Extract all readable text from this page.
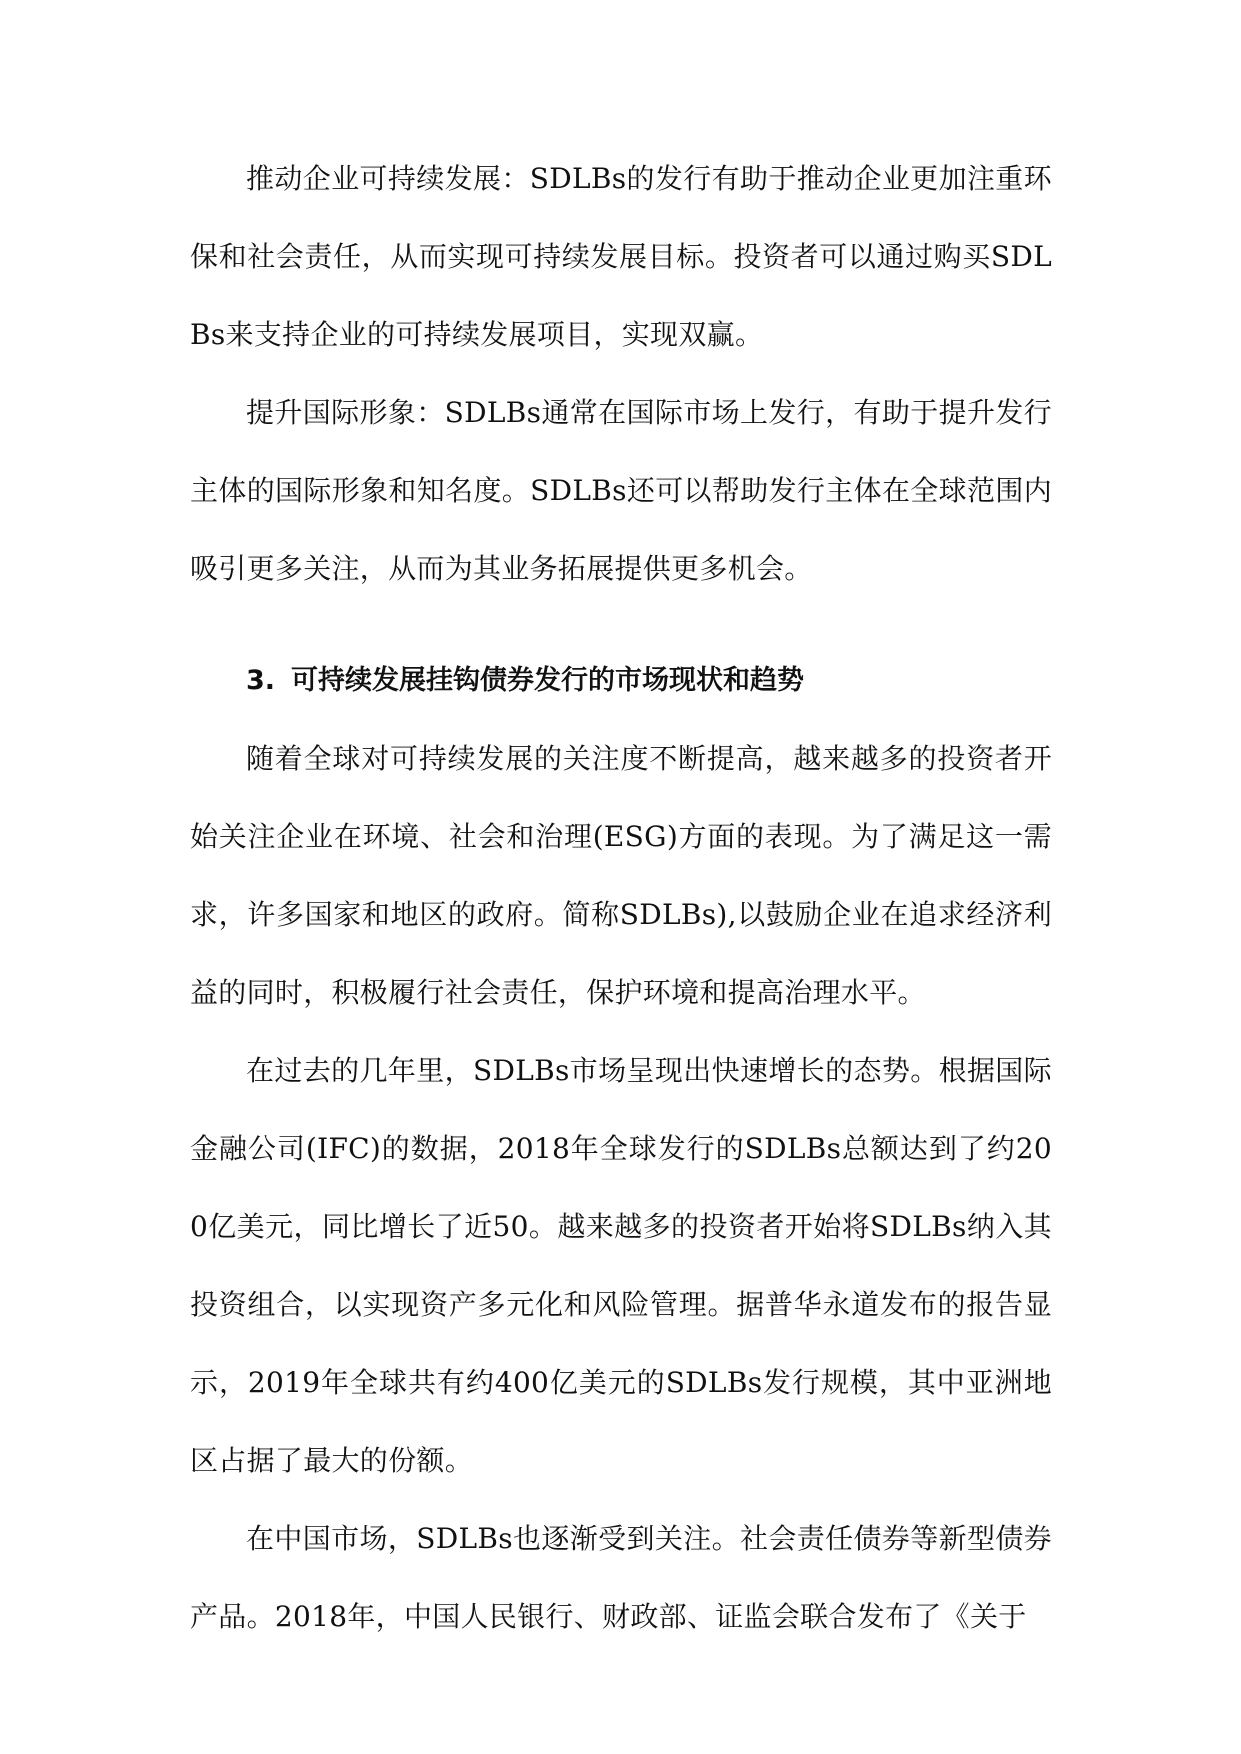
推动企业可持续发展：SDLBs的发行有助于推动企业更加注重环保和社会责任，从而实现可持续发展目标。投资者可以通过购买SDLBs来支持企业的可持续发展项目，实现双赢。

提升国际形象：SDLBs通常在国际市场上发行，有助于提升发行主体的国际形象和知名度。SDLBs还可以帮助发行主体在全球范围内吸引更多关注，从而为其业务拓展提供更多机会。

3. 可持续发展挂钩债券发行的市场现状和趋势

随着全球对可持续发展的关注度不断提高，越来越多的投资者开始关注企业在环境、社会和治理(ESG)方面的表现。为了满足这一需求，许多国家和地区的政府。简称SDLBs),以鼓励企业在追求经济利益的同时，积极履行社会责任，保护环境和提高治理水平。

在过去的几年里，SDLBs市场呈现出快速增长的态势。根据国际金融公司(IFC)的数据，2018年全球发行的SDLBs总额达到了约200亿美元，同比增长了近50。越来越多的投资者开始将SDLBs纳入其投资组合，以实现资产多元化和风险管理。据普华永道发布的报告显示，2019年全球共有约400亿美元的SDLBs发行规模，其中亚洲地区占据了最大的份额。

在中国市场，SDLBs也逐渐受到关注。社会责任债券等新型债券产品。2018年，中国人民银行、财政部、证监会联合发布了《关于
